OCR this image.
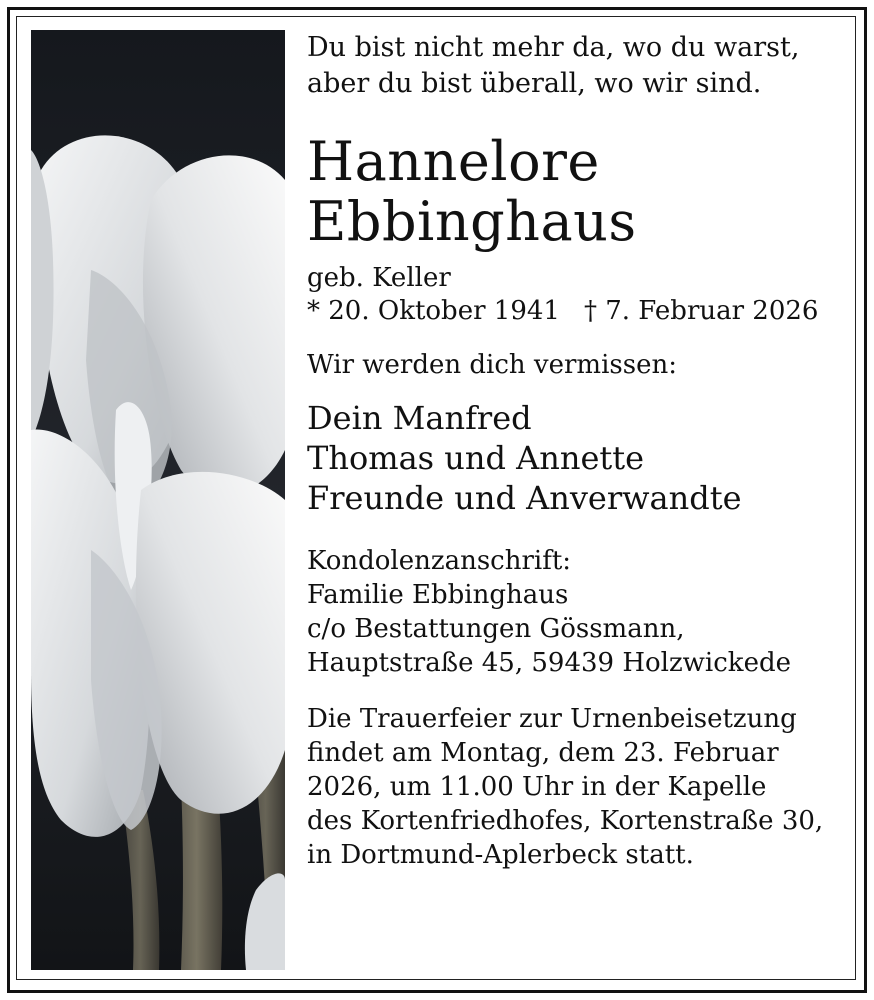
Du bist nicht mehr da, wo du warst,
aber du bist überall, wo wir sind.

Hannelore
Ebbinghaus
geb. Keller
* 20. Oktober 1941 † 7. Februar 2026
Wir werden dich vermissen:
Dein Manfred
Thomas und Annette
Freunde und Anverwandte
Kondolenzanschrift:
Familie Ebbinghaus
c/o Bestattungen Gössmann,
Hauptstraße 45, 59439 Holzwickede
Die Trauerfeier zur Urnenbeisetzung
findet am Montag, dem 23. Februar
2026, um 11.00 Uhr in der Kapelle
des Kortenfriedhofes, Kortenstraße 30,
in Dortmund-Aplerbeck statt.
